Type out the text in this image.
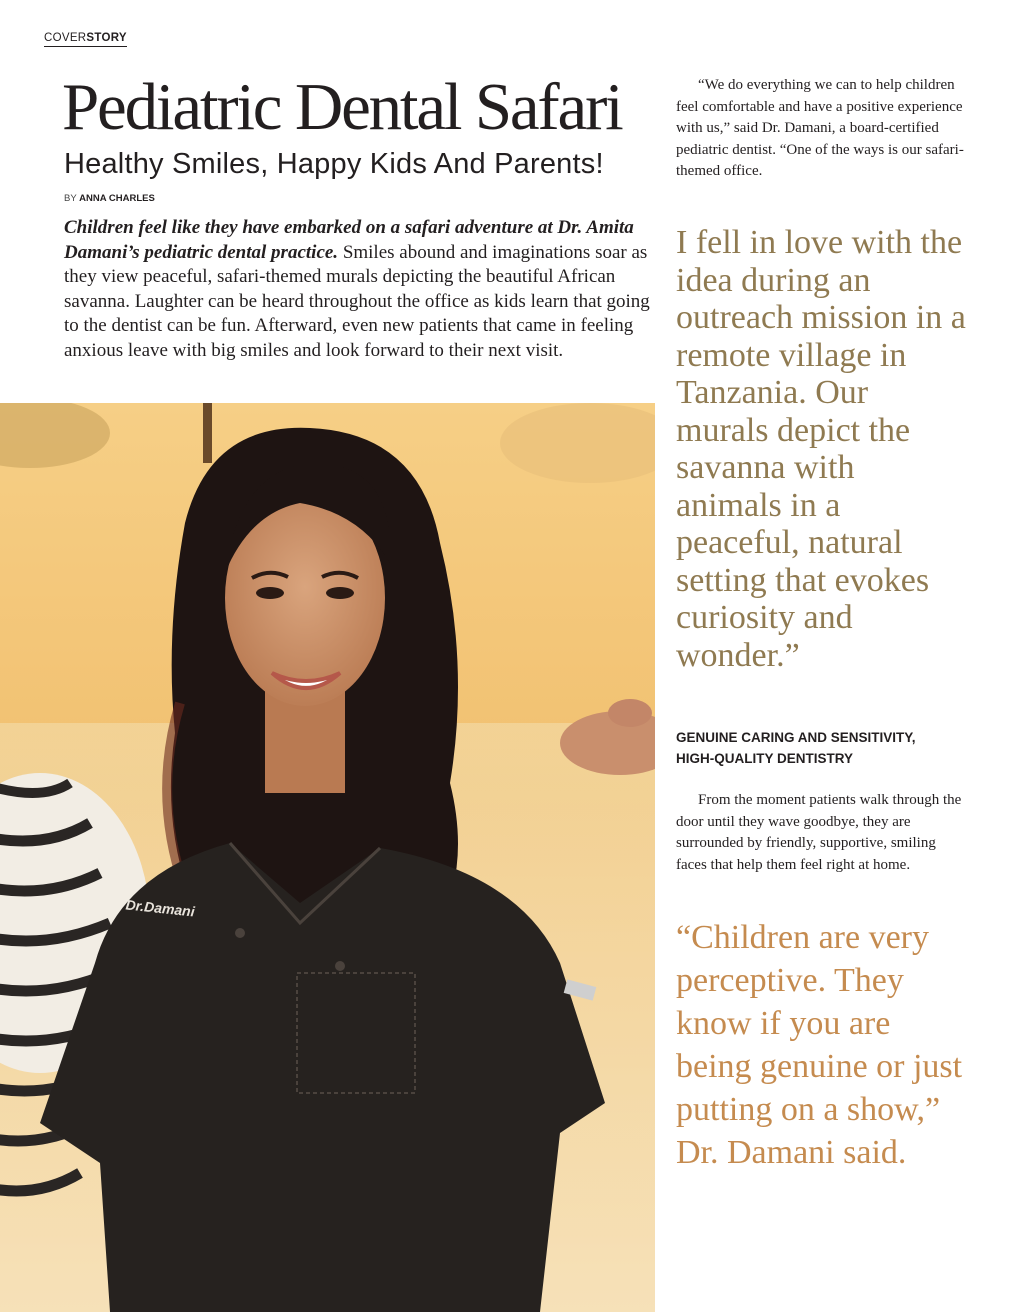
COVERSTORY
Pediatric Dental Safari
Healthy Smiles, Happy Kids And Parents!
BY ANNA CHARLES

Children feel like they have embarked on a safari adventure at Dr. Amita Damani’s pediatric dental practice. Smiles abound and imaginations soar as they view peaceful, safari-themed murals depicting the beautiful African savanna. Laughter can be heard throughout the office as kids learn that going to the dentist can be fun. Afterward, even new patients that came in feeling anxious leave with big smiles and look forward to their next visit.

Dr.Damani

“We do everything we can to help children feel comfortable and have a positive experience with us,” said Dr. Damani, a board-certified pediatric dentist. “One of the ways is our safari-themed office.

I fell in love with the idea during an outreach mission in a remote village in Tanzania. Our murals depict the savanna with animals in a peaceful, natural setting that evokes curiosity and wonder.”

GENUINE CARING AND SENSITIVITY, HIGH-QUALITY DENTISTRY

From the moment patients walk through the door until they wave goodbye, they are surrounded by friendly, supportive, smiling faces that help them feel right at home.

“Children are very perceptive. They know if you are being genuine or just putting on a show,” Dr. Damani said.
